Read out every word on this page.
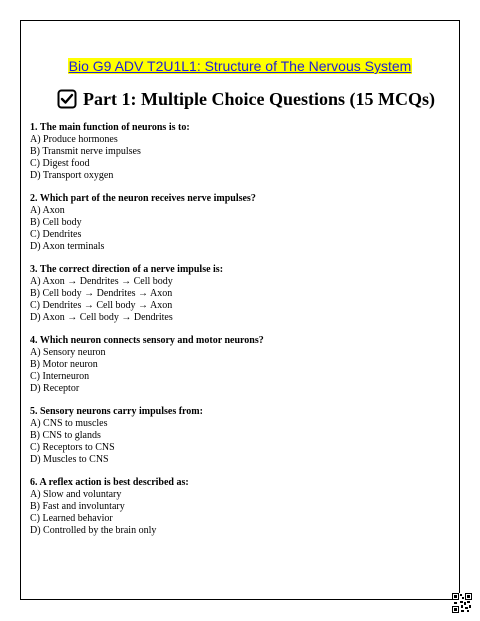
Bio G9 ADV T2U1L1: Structure of The Nervous System
Part 1: Multiple Choice Questions (15 MCQs)
1. The main function of neurons is to:
A) Produce hormones
B) Transmit nerve impulses
C) Digest food
D) Transport oxygen
2. Which part of the neuron receives nerve impulses?
A) Axon
B) Cell body
C) Dendrites
D) Axon terminals
3. The correct direction of a nerve impulse is:
A) Axon → Dendrites → Cell body
B) Cell body → Dendrites → Axon
C) Dendrites → Cell body → Axon
D) Axon → Cell body → Dendrites
4. Which neuron connects sensory and motor neurons?
A) Sensory neuron
B) Motor neuron
C) Interneuron
D) Receptor
5. Sensory neurons carry impulses from:
A) CNS to muscles
B) CNS to glands
C) Receptors to CNS
D) Muscles to CNS
6. A reflex action is best described as:
A) Slow and voluntary
B) Fast and involuntary
C) Learned behavior
D) Controlled by the brain only
